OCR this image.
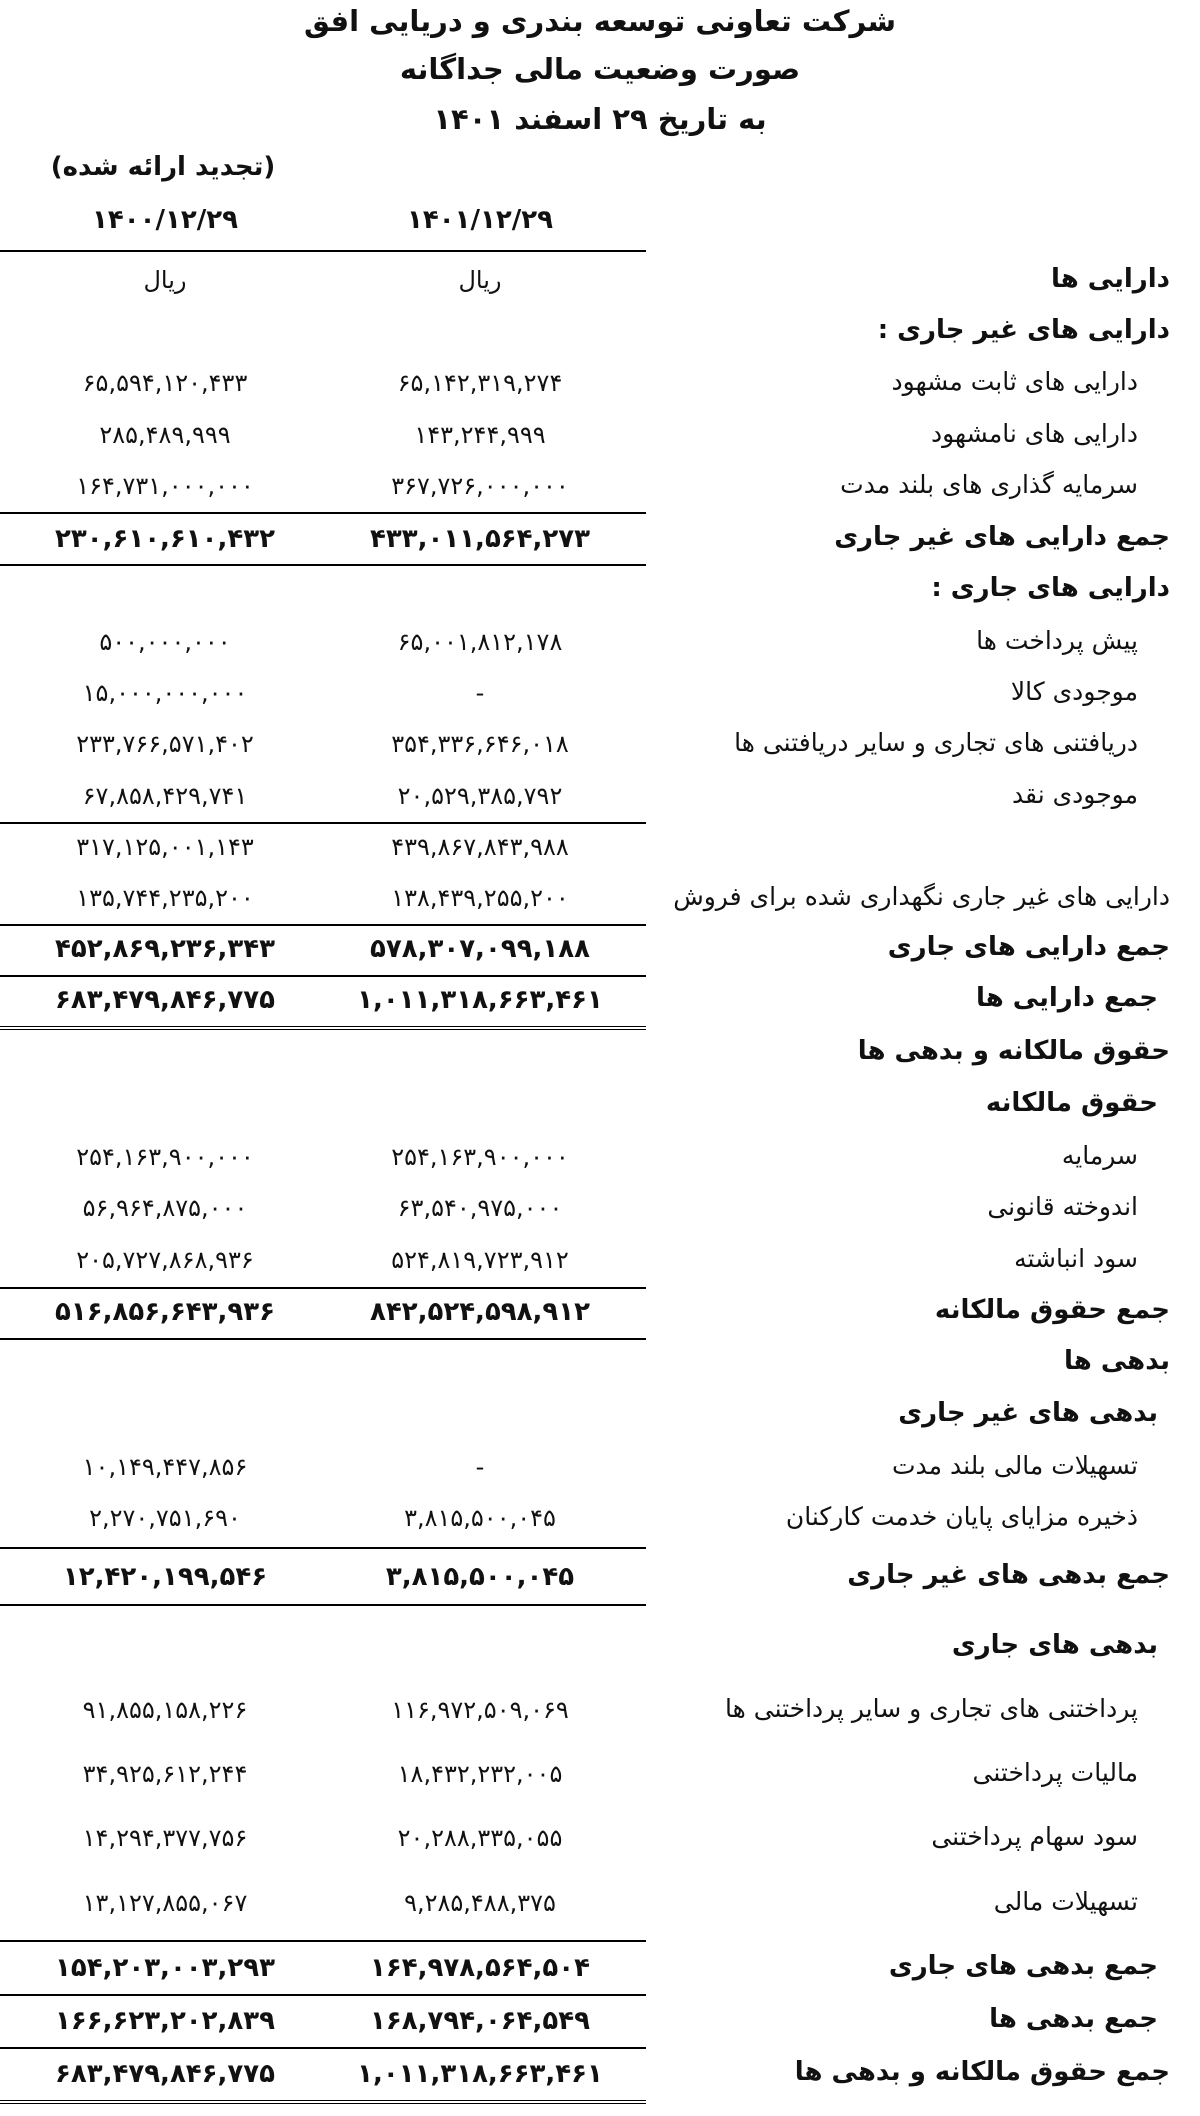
شرکت تعاونی توسعه بندری و دریایی افق
صورت وضعیت مالی جداگانه
به تاریخ ۲۹ اسفند ۱۴۰۱
(تجدید ارائه شده)
۱۴۰۱/۱۲/۲۹
۱۴۰۰/۱۲/۲۹
دارایی ها
ریال
ریال
دارایی های غیر جاری :
دارایی های ثابت مشهود
۶۵,۱۴۲,۳۱۹,۲۷۴
۶۵,۵۹۴,۱۲۰,۴۳۳
دارایی های نامشهود
۱۴۳,۲۴۴,۹۹۹
۲۸۵,۴۸۹,۹۹۹
سرمایه گذاری های بلند مدت
۳۶۷,۷۲۶,۰۰۰,۰۰۰
۱۶۴,۷۳۱,۰۰۰,۰۰۰
جمع دارایی های غیر جاری
۴۳۳,۰۱۱,۵۶۴,۲۷۳
۲۳۰,۶۱۰,۶۱۰,۴۳۲
دارایی های جاری :
پیش پرداخت ها
۶۵,۰۰۱,۸۱۲,۱۷۸
۵۰۰,۰۰۰,۰۰۰
موجودی کالا
-
۱۵,۰۰۰,۰۰۰,۰۰۰
دریافتنی های تجاری و سایر دریافتنی ها
۳۵۴,۳۳۶,۶۴۶,۰۱۸
۲۳۳,۷۶۶,۵۷۱,۴۰۲
موجودی نقد
۲۰,۵۲۹,۳۸۵,۷۹۲
۶۷,۸۵۸,۴۲۹,۷۴۱
۴۳۹,۸۶۷,۸۴۳,۹۸۸
۳۱۷,۱۲۵,۰۰۱,۱۴۳
دارایی های غیر جاری نگهداری شده برای فروش
۱۳۸,۴۳۹,۲۵۵,۲۰۰
۱۳۵,۷۴۴,۲۳۵,۲۰۰
جمع دارایی های جاری
۵۷۸,۳۰۷,۰۹۹,۱۸۸
۴۵۲,۸۶۹,۲۳۶,۳۴۳
جمع دارایی ها
۱,۰۱۱,۳۱۸,۶۶۳,۴۶۱
۶۸۳,۴۷۹,۸۴۶,۷۷۵
حقوق مالکانه و بدهی ها
حقوق مالکانه
سرمایه
۲۵۴,۱۶۳,۹۰۰,۰۰۰
۲۵۴,۱۶۳,۹۰۰,۰۰۰
اندوخته قانونی
۶۳,۵۴۰,۹۷۵,۰۰۰
۵۶,۹۶۴,۸۷۵,۰۰۰
سود انباشته
۵۲۴,۸۱۹,۷۲۳,۹۱۲
۲۰۵,۷۲۷,۸۶۸,۹۳۶
جمع حقوق مالکانه
۸۴۲,۵۲۴,۵۹۸,۹۱۲
۵۱۶,۸۵۶,۶۴۳,۹۳۶
بدهی ها
بدهی های غیر جاری
تسهیلات مالی بلند مدت
-
۱۰,۱۴۹,۴۴۷,۸۵۶
ذخیره مزایای پایان خدمت کارکنان
۳,۸۱۵,۵۰۰,۰۴۵
۲,۲۷۰,۷۵۱,۶۹۰
جمع بدهی های غیر جاری
۳,۸۱۵,۵۰۰,۰۴۵
۱۲,۴۲۰,۱۹۹,۵۴۶
بدهی های جاری
پرداختنی های تجاری و سایر پرداختنی ها
۱۱۶,۹۷۲,۵۰۹,۰۶۹
۹۱,۸۵۵,۱۵۸,۲۲۶
مالیات پرداختنی
۱۸,۴۳۲,۲۳۲,۰۰۵
۳۴,۹۲۵,۶۱۲,۲۴۴
سود سهام پرداختنی
۲۰,۲۸۸,۳۳۵,۰۵۵
۱۴,۲۹۴,۳۷۷,۷۵۶
تسهیلات مالی
۹,۲۸۵,۴۸۸,۳۷۵
۱۳,۱۲۷,۸۵۵,۰۶۷
جمع بدهی های جاری
۱۶۴,۹۷۸,۵۶۴,۵۰۴
۱۵۴,۲۰۳,۰۰۳,۲۹۳
جمع بدهی ها
۱۶۸,۷۹۴,۰۶۴,۵۴۹
۱۶۶,۶۲۳,۲۰۲,۸۳۹
جمع حقوق مالکانه و بدهی ها
۱,۰۱۱,۳۱۸,۶۶۳,۴۶۱
۶۸۳,۴۷۹,۸۴۶,۷۷۵
